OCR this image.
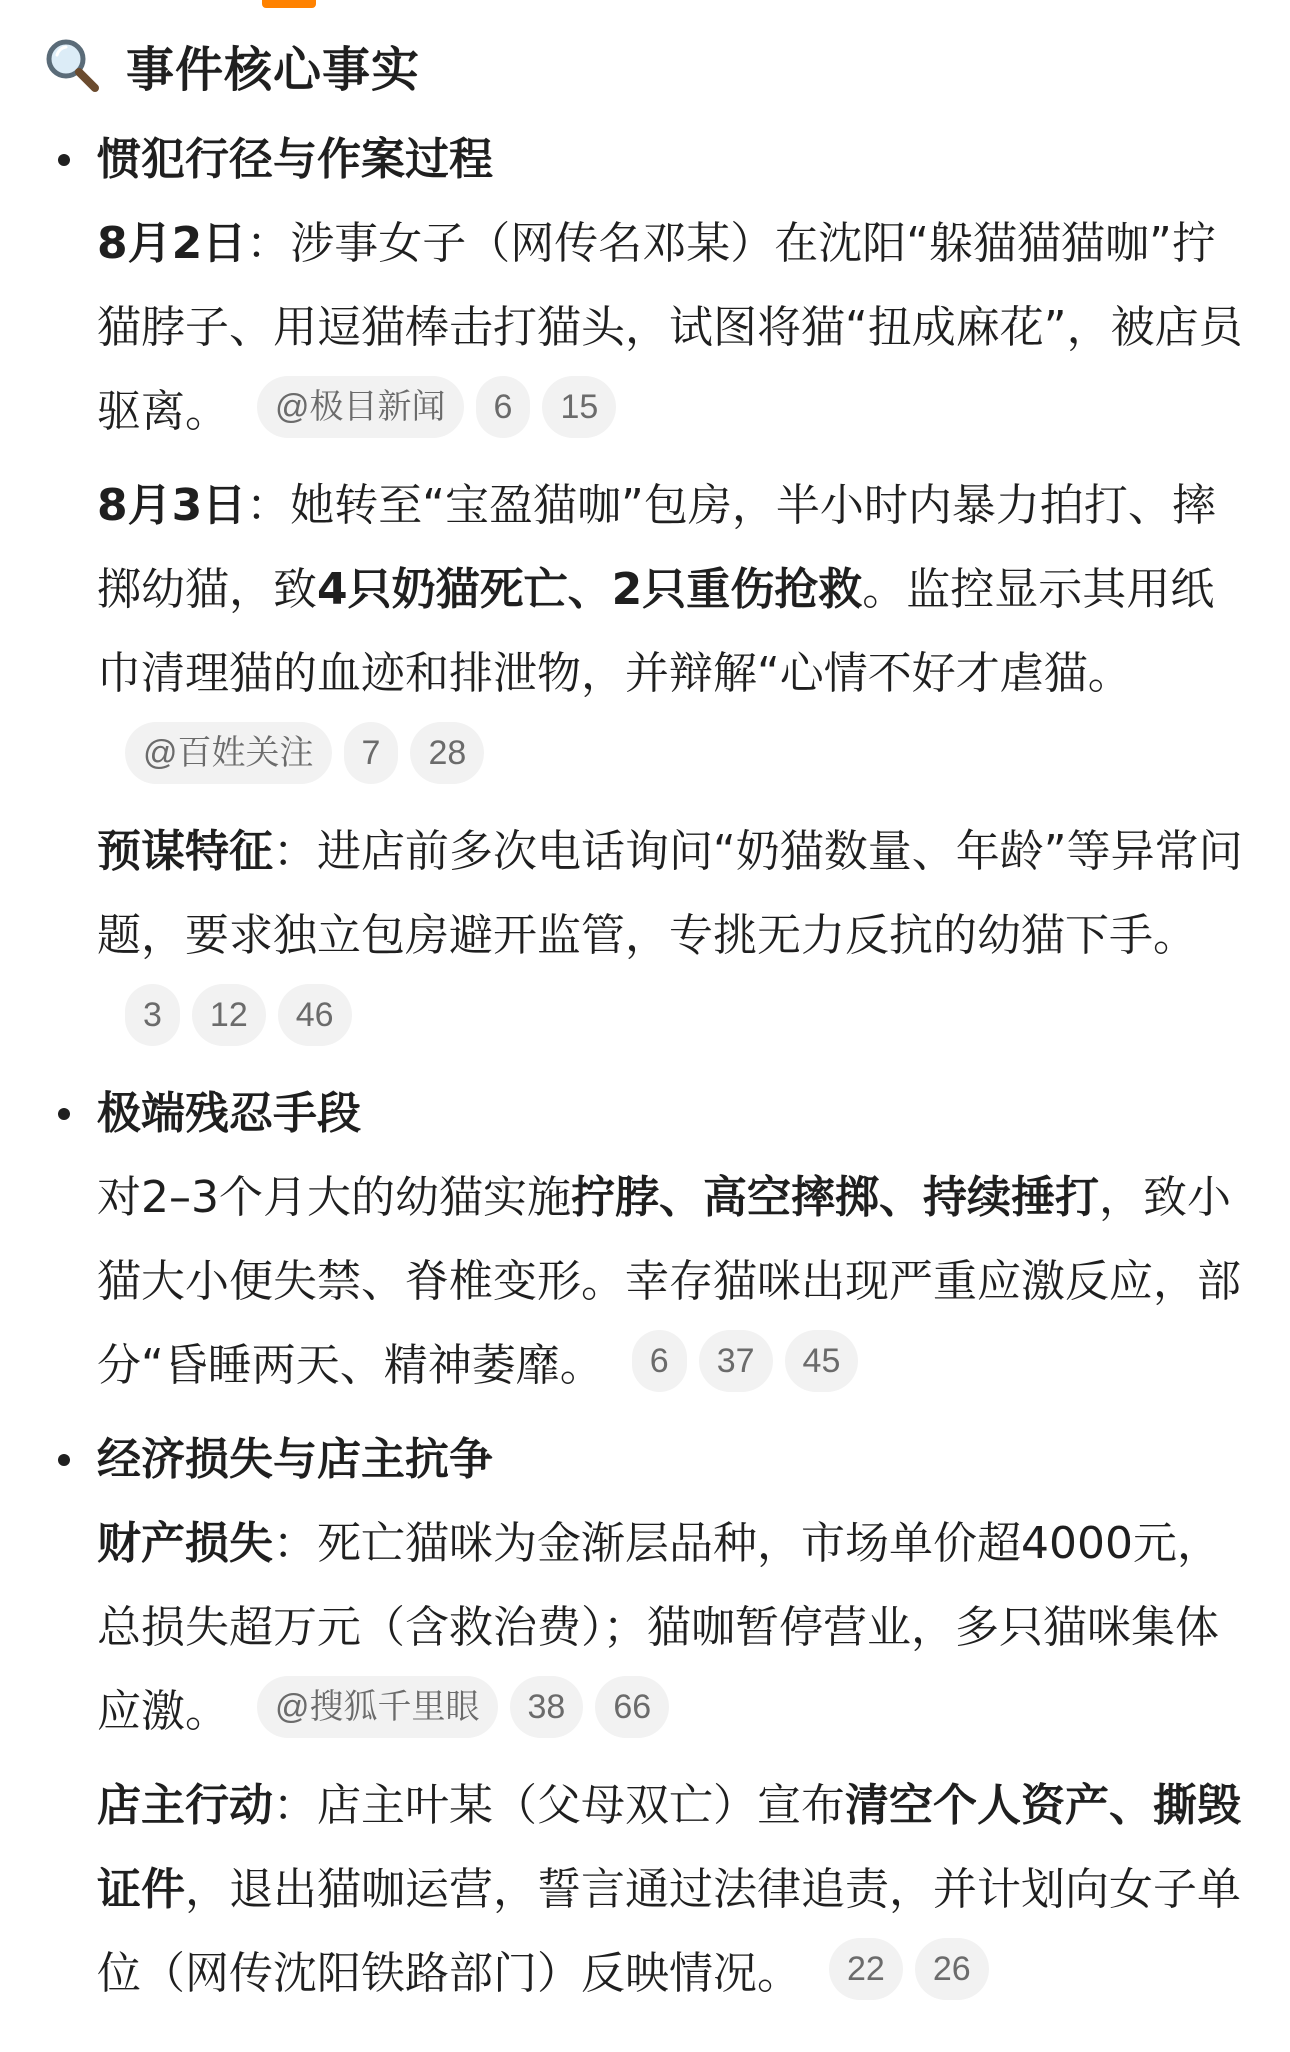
事件核心事实
惯犯行径与作案过程

8月2日：涉事女子（网传名邓某）在沈阳“躲猫猫猫咖”拧猫脖子、用逗猫棒击打猫头，试图将猫“扭成麻花”，被店员驱离。 @极目新闻 6 15

8月3日：她转至“宝盈猫咖”包房，半小时内暴力拍打、摔掷幼猫，致4只奶猫死亡、2只重伤抢救。监控显示其用纸巾清理猫的血迹和排泄物，并辩解“心情不好才虐猫。@百姓关注 7 28

预谋特征：进店前多次电话询问“奶猫数量、年龄”等异常问题，要求独立包房避开监管，专挑无力反抗的幼猫下手。3 12 46

极端残忍手段

对2–3个月大的幼猫实施拧脖、高空摔掷、持续捶打，致小猫大小便失禁、脊椎变形。幸存猫咪出现严重应激反应，部分“昏睡两天、精神萎靡。 6 37 45

经济损失与店主抗争

财产损失：死亡猫咪为金渐层品种，市场单价超4000元，总损失超万元（含救治费）；猫咖暂停营业，多只猫咪集体应激。 @搜狐千里眼 38 66

店主行动：店主叶某（父母双亡）宣布清空个人资产、撕毁证件，退出猫咖运营，誓言通过法律追责，并计划向女子单位（网传沈阳铁路部门）反映情况。 22 26
